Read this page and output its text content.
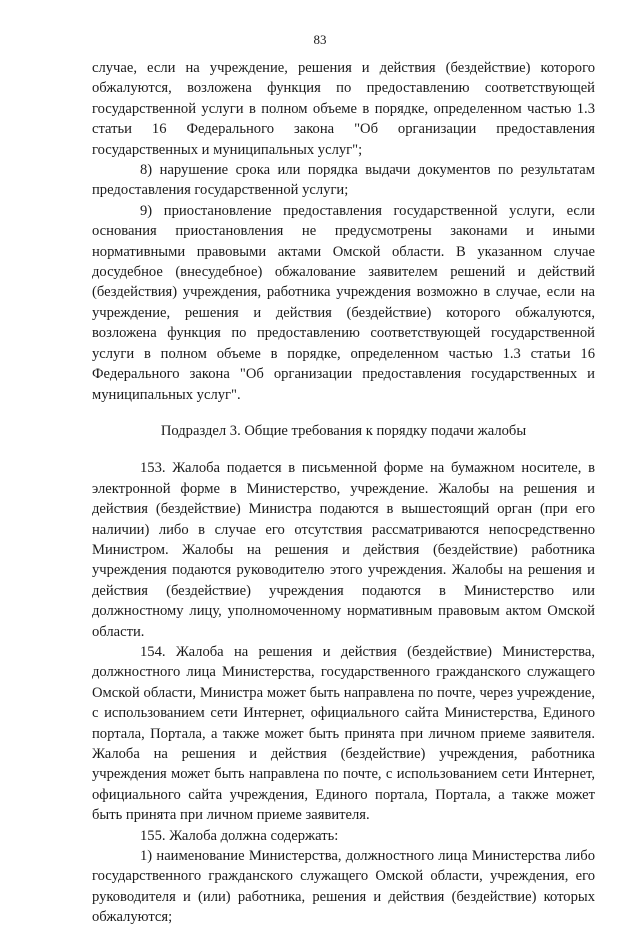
83

случае, если на учреждение, решения и действия (бездействие) которого обжалуются, возложена функция по предоставлению соответствующей государственной услуги в полном объеме в порядке, определенном частью 1.3 статьи 16 Федерального закона "Об организации предоставления государственных и муниципальных услуг";

8) нарушение срока или порядка выдачи документов по результатам предоставления государственной услуги;

9) приостановление предоставления государственной услуги, если основания приостановления не предусмотрены законами и иными нормативными правовыми актами Омской области. В указанном случае досудебное (внесудебное) обжалование заявителем решений и действий (бездействия) учреждения, работника учреждения возможно в случае, если на учреждение, решения и действия (бездействие) которого обжалуются, возложена функция по предоставлению соответствующей государственной услуги в полном объеме в порядке, определенном частью 1.3 статьи 16 Федерального закона "Об организации предоставления государственных и муниципальных услуг".

Подраздел 3. Общие требования к порядку подачи жалобы

153. Жалоба подается в письменной форме на бумажном носителе, в электронной форме в Министерство, учреждение. Жалобы на решения и действия (бездействие) Министра подаются в вышестоящий орган (при его наличии) либо в случае его отсутствия рассматриваются непосредственно Министром. Жалобы на решения и действия (бездействие) работника учреждения подаются руководителю этого учреждения. Жалобы на решения и действия (бездействие) учреждения подаются в Министерство или должностному лицу, уполномоченному нормативным правовым актом Омской области.

154. Жалоба на решения и действия (бездействие) Министерства, должностного лица Министерства, государственного гражданского служащего Омской области, Министра может быть направлена по почте, через учреждение, с использованием сети Интернет, официального сайта Министерства, Единого портала, Портала, а также может быть принята при личном приеме заявителя. Жалоба на решения и действия (бездействие) учреждения, работника учреждения может быть направлена по почте, с использованием сети Интернет, официального сайта учреждения, Единого портала, Портала, а также может быть принята при личном приеме заявителя.

155. Жалоба должна содержать:

1) наименование Министерства, должностного лица Министерства либо государственного гражданского служащего Омской области, учреждения, его руководителя и (или) работника, решения и действия (бездействие) которых обжалуются;
